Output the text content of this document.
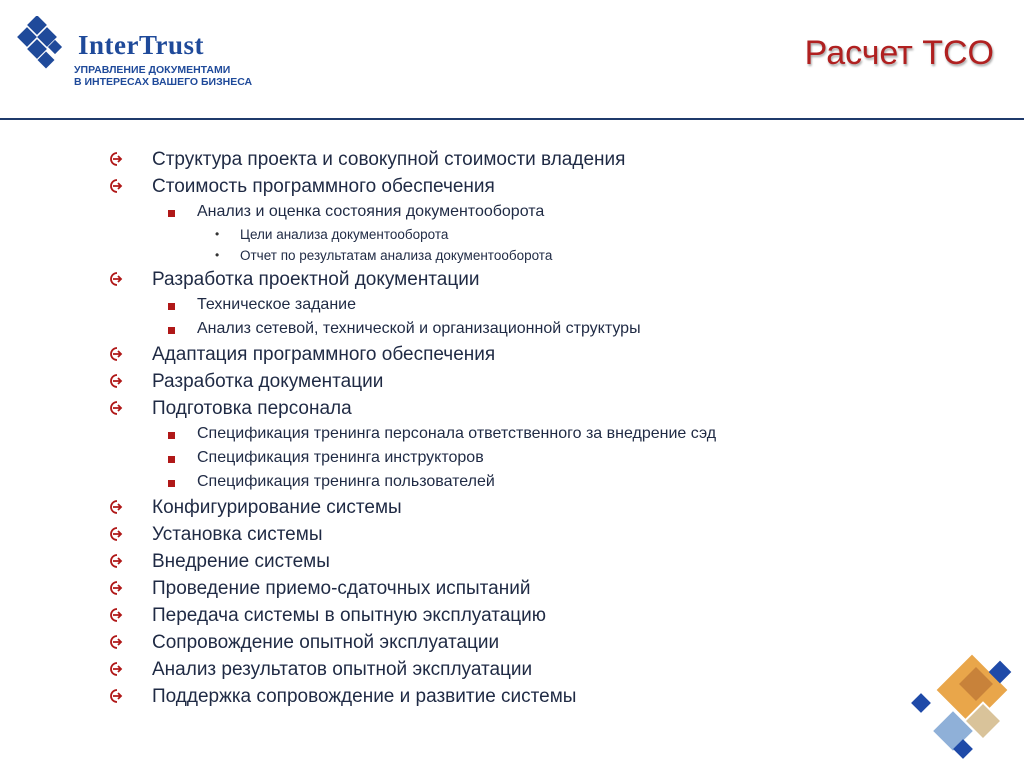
InterTrust
УПРАВЛЕНИЕ ДОКУМЕНТАМИ
В ИНТЕРЕСАХ ВАШЕГО БИЗНЕСА
Расчет TCO
Структура проекта и совокупной стоимости владения
Стоимость программного обеспечения
Анализ и оценка состояния документооборота
• Цели анализа документооборота
• Отчет по результатам анализа документооборота
Разработка проектной документации
Техническое задание
Анализ сетевой, технической и организационной структуры
Адаптация программного обеспечения
Разработка документации
Подготовка персонала
Спецификация тренинга персонала ответственного за внедрение сэд
Спецификация тренинга инструкторов
Спецификация тренинга пользователей
Конфигурирование системы
Установка системы
Внедрение системы
Проведение приемо-сдаточных испытаний
Передача системы в опытную эксплуатацию
Сопровождение опытной эксплуатации
Анализ результатов опытной эксплуатации
Поддержка сопровождение и развитие системы
